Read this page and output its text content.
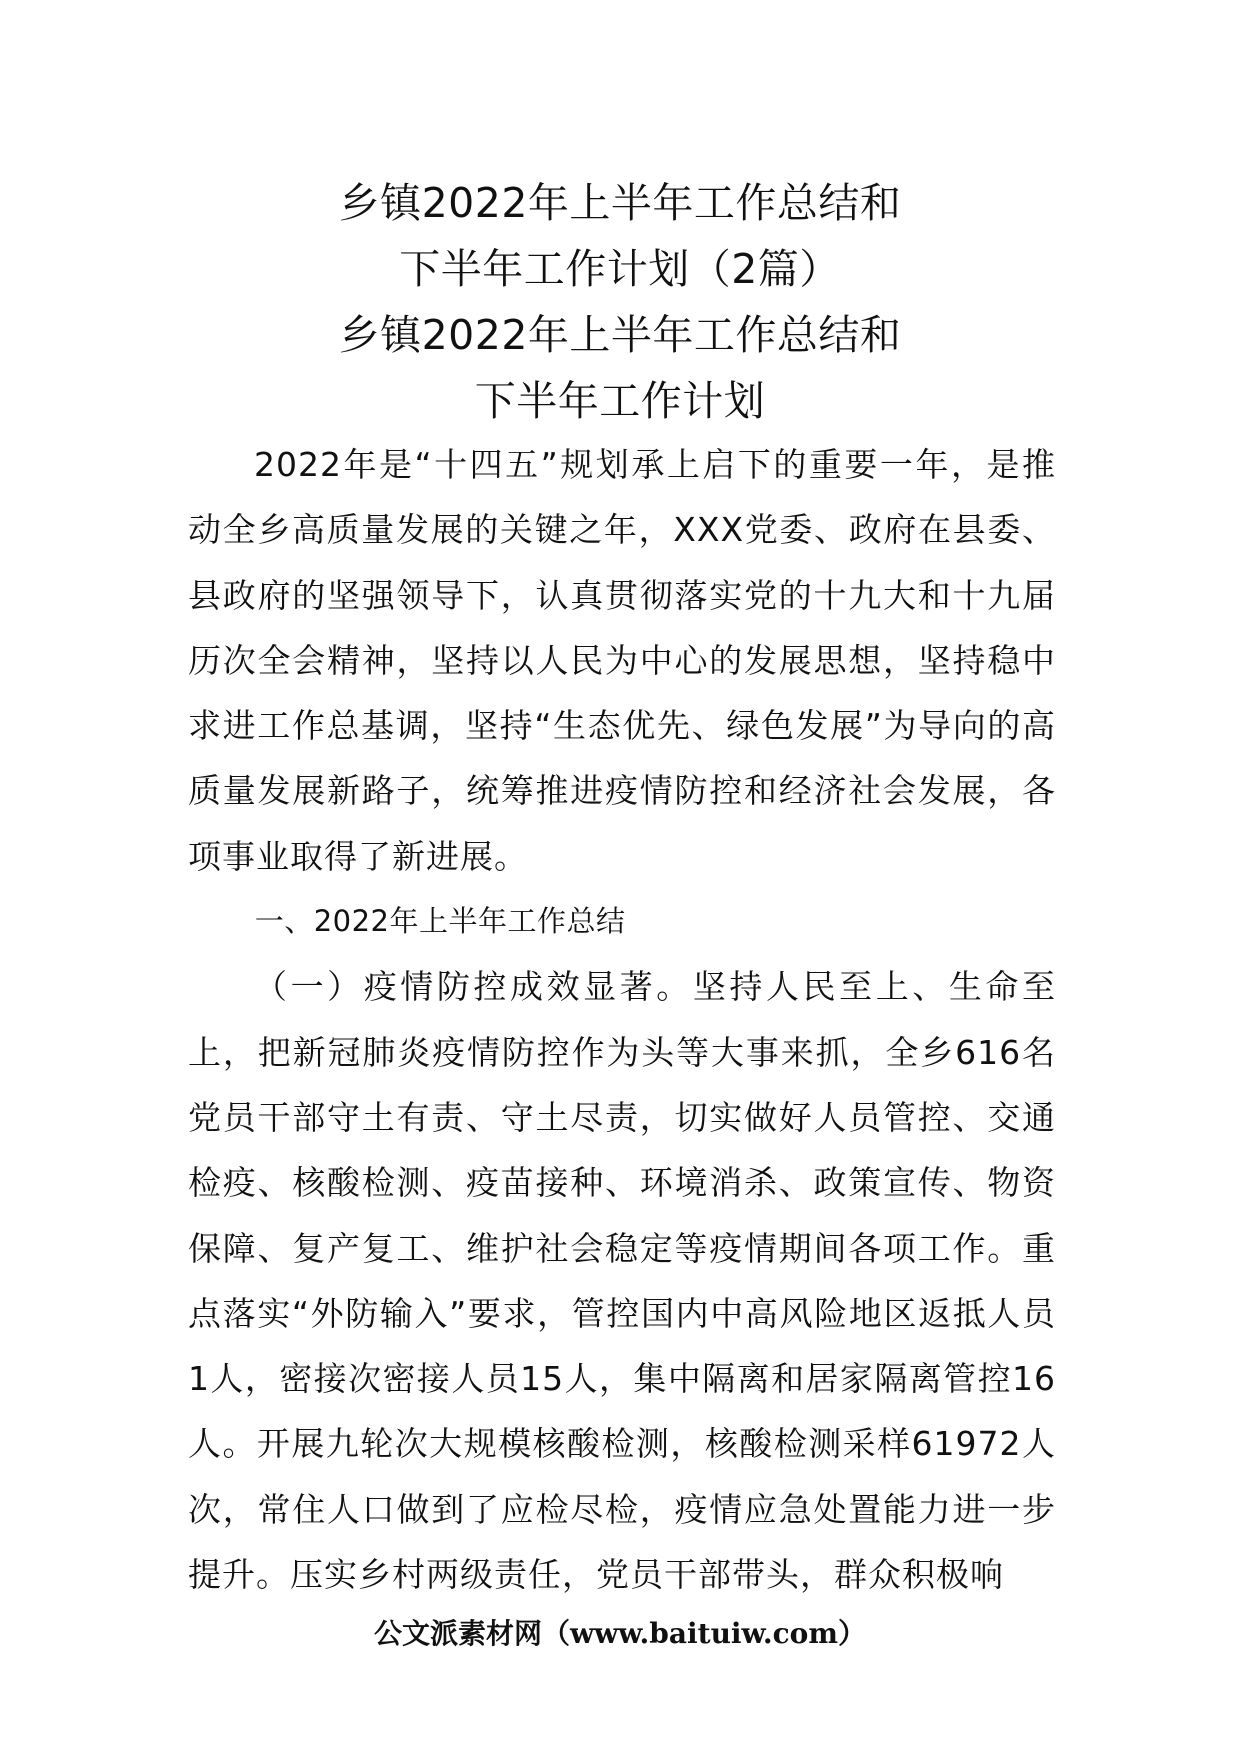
乡镇2022年上半年工作总结和
下半年工作计划（2篇）
乡镇2022年上半年工作总结和
下半年工作计划

2022年是“十四五”规划承上启下的重要一年，是推动全乡高质量发展的关键之年，XXX党委、政府在县委、县政府的坚强领导下，认真贯彻落实党的十九大和十九届历次全会精神，坚持以人民为中心的发展思想，坚持稳中求进工作总基调，坚持“生态优先、绿色发展”为导向的高质量发展新路子，统筹推进疫情防控和经济社会发展，各项事业取得了新进展。

一、2022年上半年工作总结

（一）疫情防控成效显著。坚持人民至上、生命至上，把新冠肺炎疫情防控作为头等大事来抓，全乡616名党员干部守土有责、守土尽责，切实做好人员管控、交通检疫、核酸检测、疫苗接种、环境消杀、政策宣传、物资保障、复产复工、维护社会稳定等疫情期间各项工作。重点落实“外防输入”要求，管控国内中高风险地区返抵人员1人，密接次密接人员15人，集中隔离和居家隔离管控16人。开展九轮次大规模核酸检测，核酸检测采样61972人次，常住人口做到了应检尽检，疫情应急处置能力进一步提升。压实乡村两级责任，党员干部带头，群众积极响

公文派素材网（www.baituiw.com）
